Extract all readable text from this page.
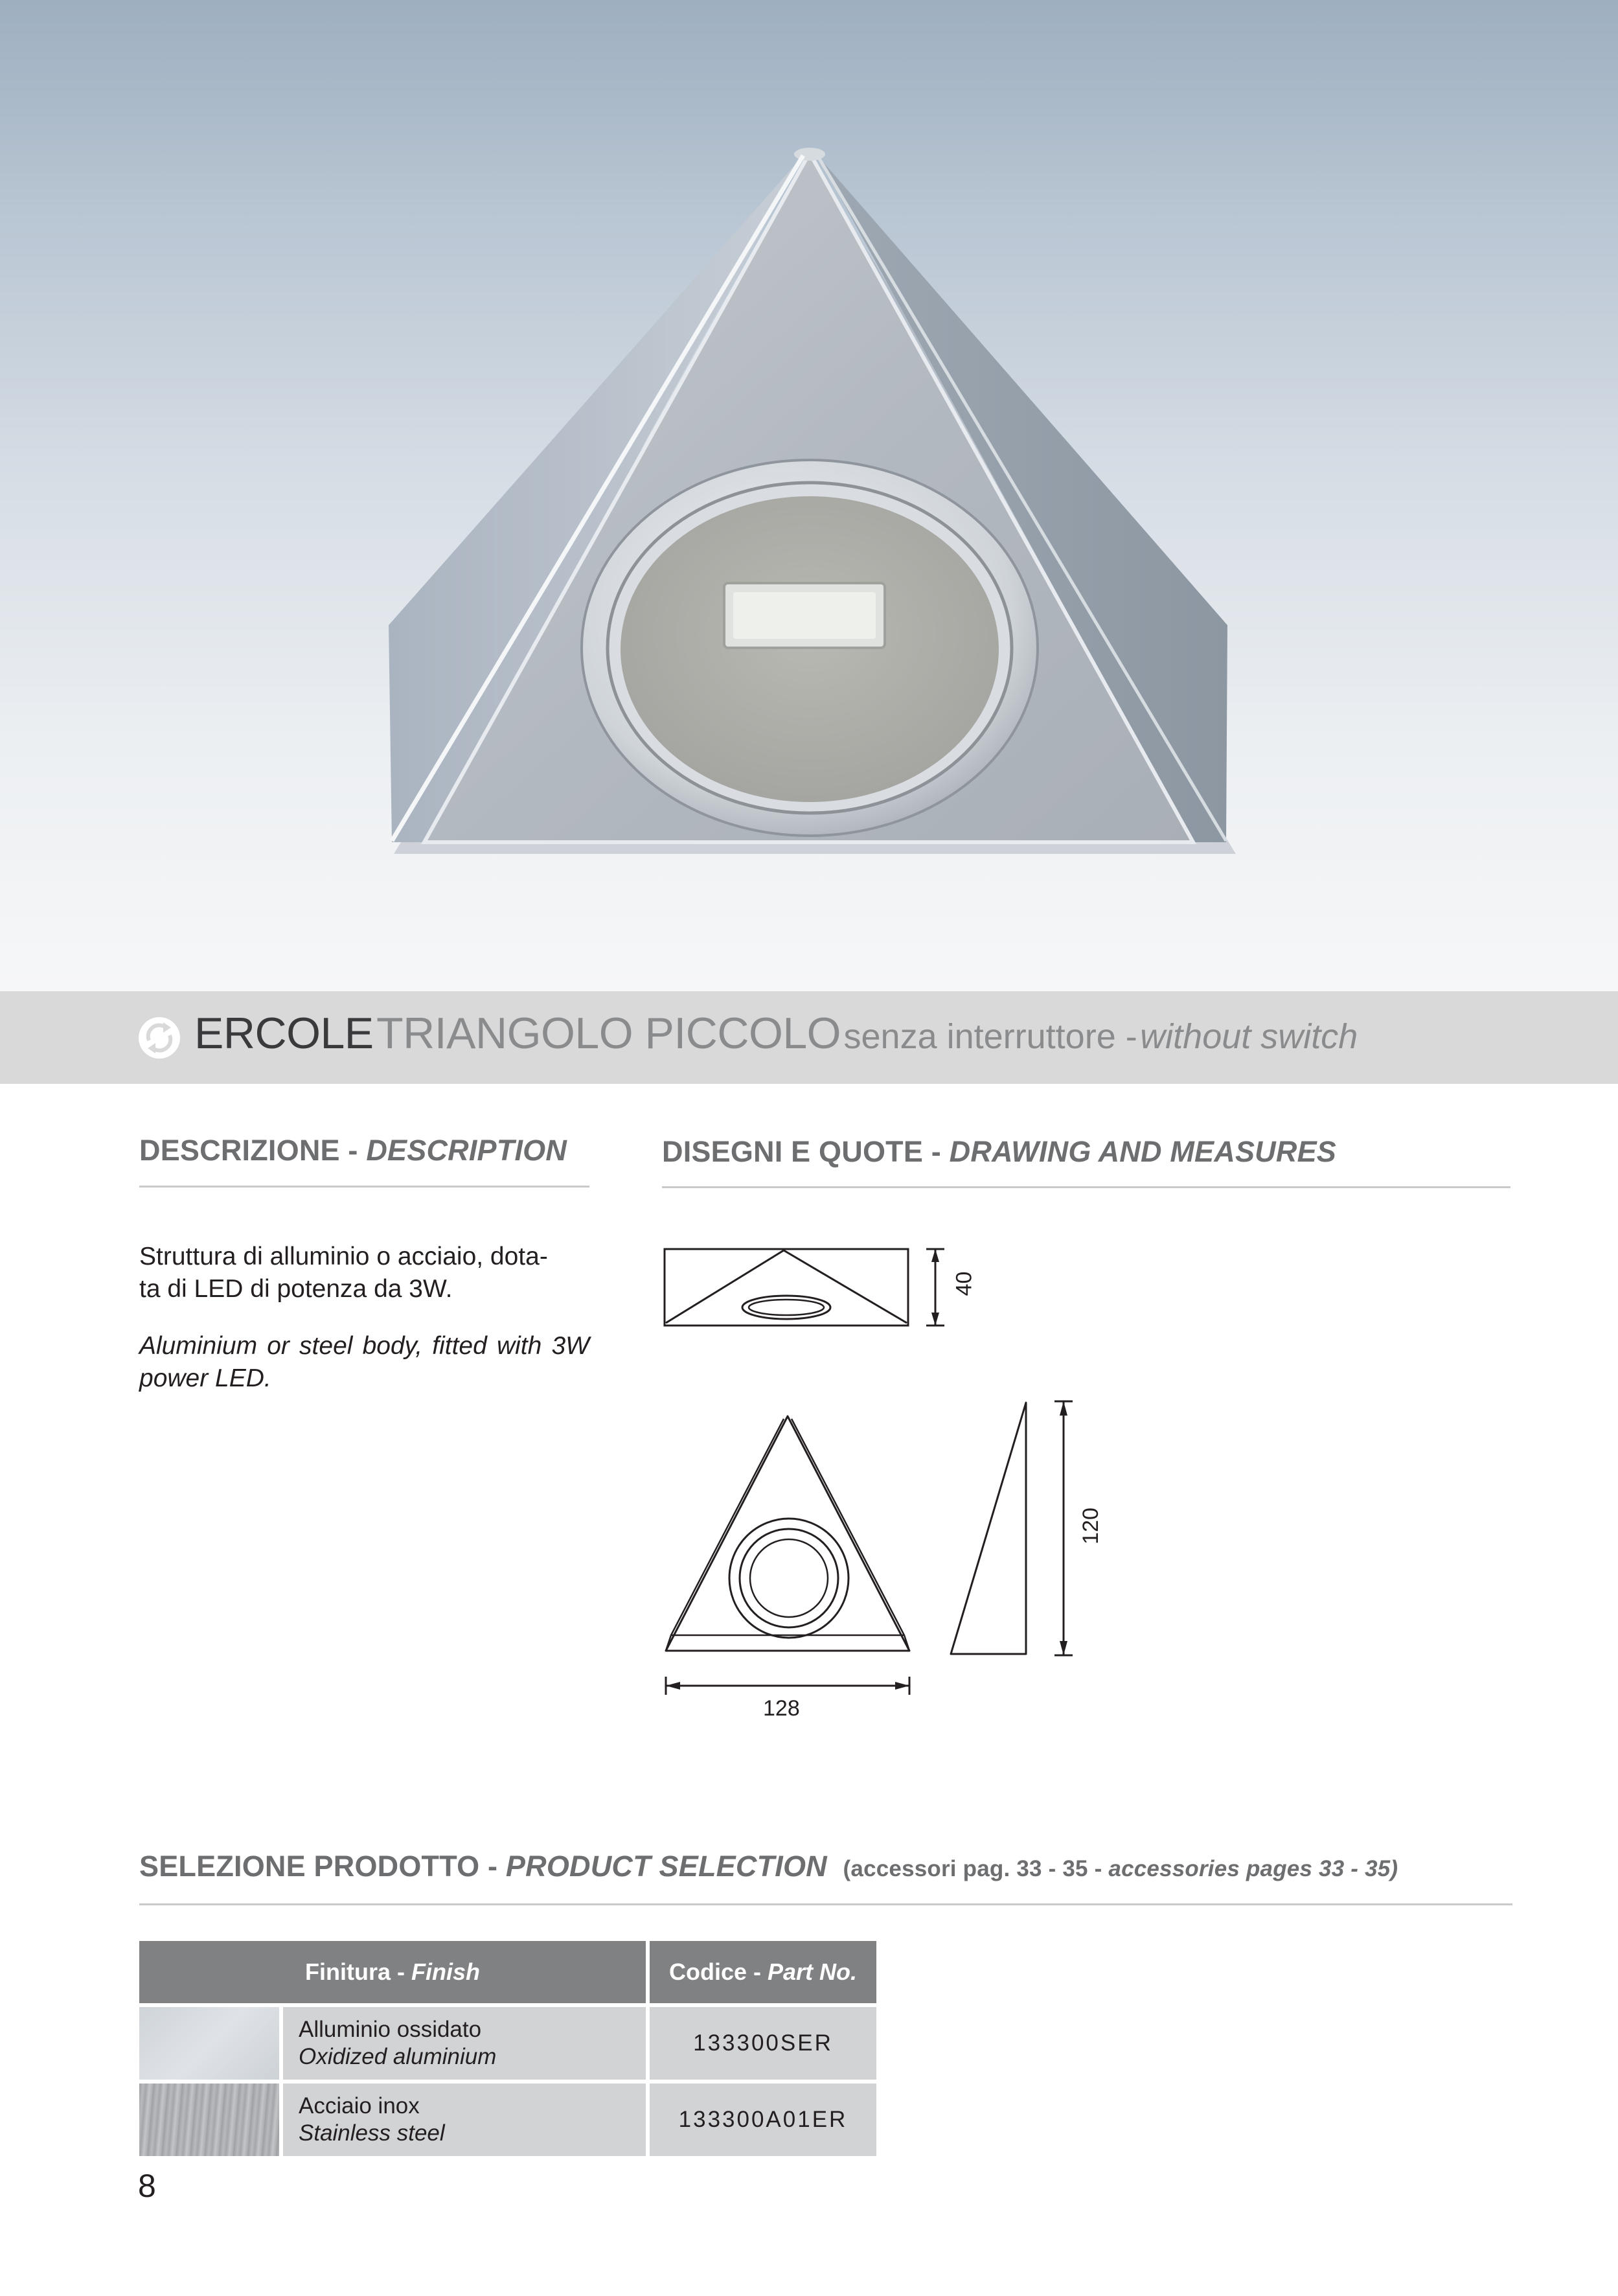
ERCOLE TRIANGOLO PICCOLO senza interruttore - without switch
DESCRIZIONE - DESCRIPTION
Struttura di alluminio o acciaio, dota-
ta di LED di potenza da 3W.
Aluminium or steel body, fitted with 3W power LED.
DISEGNI E QUOTE - DRAWING AND MEASURES
40
128
120
SELEZIONE PRODOTTO - PRODUCT SELECTION (accessori pag. 33 - 35 - accessories pages 33 - 35)
Finitura - Finish		Codice - Part No.

	Alluminio ossidato
Oxidized aluminium	133300SER

	Acciaio inox
Stainless steel	133300A01ER
8
